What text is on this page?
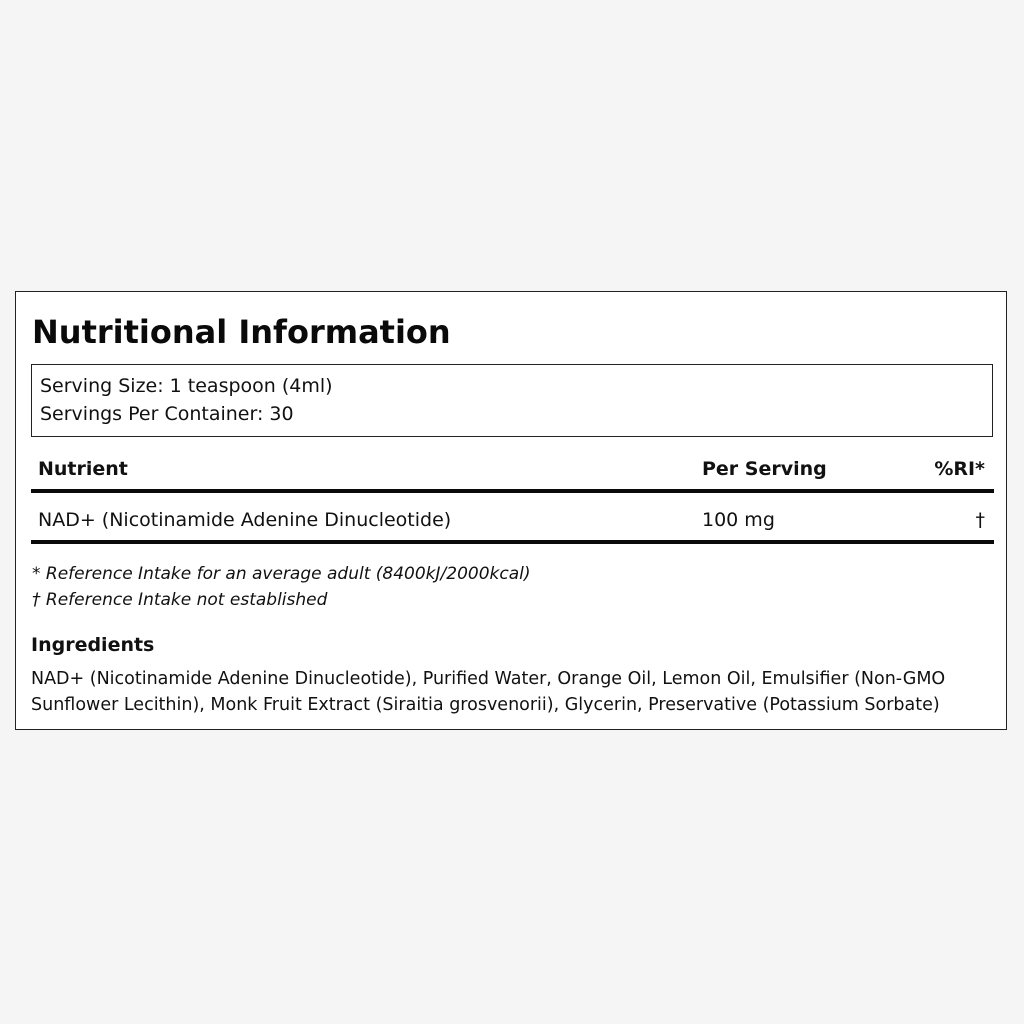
Nutritional Information
Serving Size: 1 teaspoon (4ml)
Servings Per Container: 30
Nutrient	Per Serving	%RI*
NAD+ (Nicotinamide Adenine Dinucleotide)	100 mg	†
* Reference Intake for an average adult (8400kJ/2000kcal)
† Reference Intake not established
Ingredients
NAD+ (Nicotinamide Adenine Dinucleotide), Purified Water, Orange Oil, Lemon Oil, Emulsifier (Non-GMO Sunflower Lecithin), Monk Fruit Extract (Siraitia grosvenorii), Glycerin, Preservative (Potassium Sorbate)
